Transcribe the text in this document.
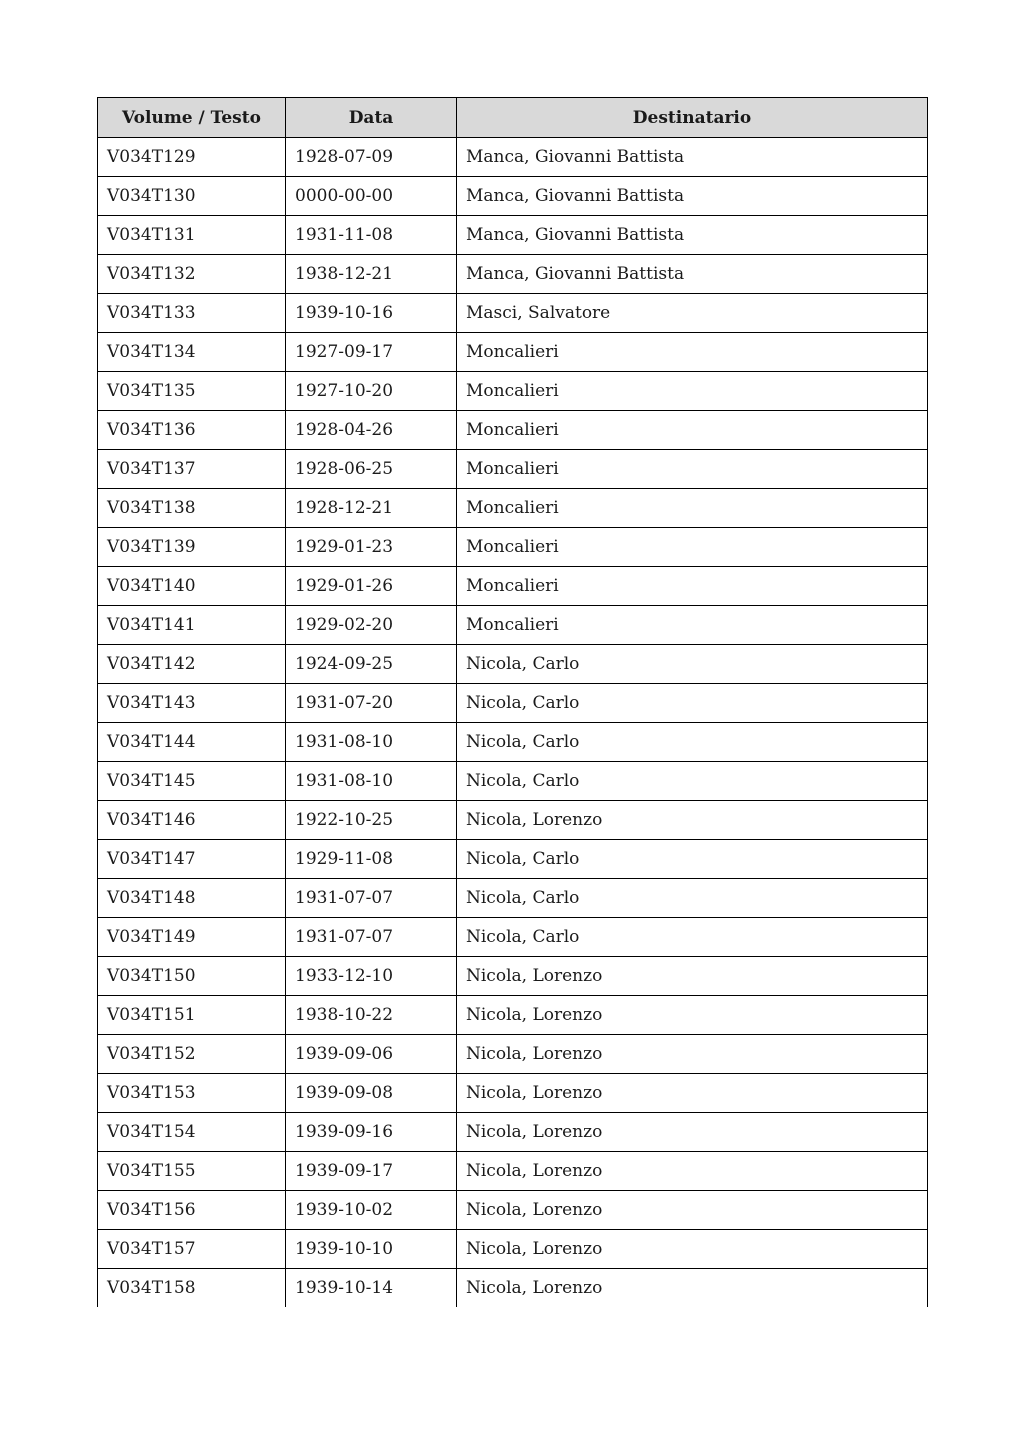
Volume / Testo	Data	Destinatario
V034T129	1928-07-09	Manca, Giovanni Battista
V034T130	0000-00-00	Manca, Giovanni Battista
V034T131	1931-11-08	Manca, Giovanni Battista
V034T132	1938-12-21	Manca, Giovanni Battista
V034T133	1939-10-16	Masci, Salvatore
V034T134	1927-09-17	Moncalieri
V034T135	1927-10-20	Moncalieri
V034T136	1928-04-26	Moncalieri
V034T137	1928-06-25	Moncalieri
V034T138	1928-12-21	Moncalieri
V034T139	1929-01-23	Moncalieri
V034T140	1929-01-26	Moncalieri
V034T141	1929-02-20	Moncalieri
V034T142	1924-09-25	Nicola, Carlo
V034T143	1931-07-20	Nicola, Carlo
V034T144	1931-08-10	Nicola, Carlo
V034T145	1931-08-10	Nicola, Carlo
V034T146	1922-10-25	Nicola, Lorenzo
V034T147	1929-11-08	Nicola, Carlo
V034T148	1931-07-07	Nicola, Carlo
V034T149	1931-07-07	Nicola, Carlo
V034T150	1933-12-10	Nicola, Lorenzo
V034T151	1938-10-22	Nicola, Lorenzo
V034T152	1939-09-06	Nicola, Lorenzo
V034T153	1939-09-08	Nicola, Lorenzo
V034T154	1939-09-16	Nicola, Lorenzo
V034T155	1939-09-17	Nicola, Lorenzo
V034T156	1939-10-02	Nicola, Lorenzo
V034T157	1939-10-10	Nicola, Lorenzo
V034T158	1939-10-14	Nicola, Lorenzo
